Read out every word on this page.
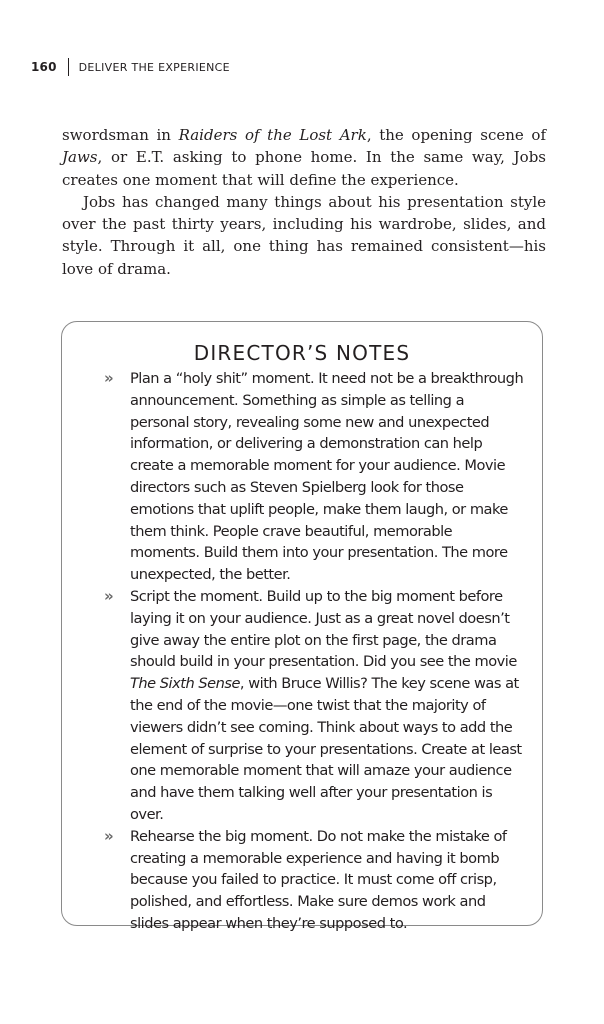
160 DELIVER THE EXPERIENCE

swordsman in Raiders of the Lost Ark, the opening scene of Jaws, or E.T. asking to phone home. In the same way, Jobs creates one moment that will define the experience.

Jobs has changed many things about his presentation style over the past thirty years, including his wardrobe, slides, and style. Through it all, one thing has remained consistent—his love of drama.

DIRECTOR’S NOTES
» Plan a “holy shit” moment. It need not be a breakthrough announcement. Something as simple as telling a personal story, revealing some new and unexpected information, or delivering a demonstration can help create a memorable moment for your audience. Movie directors such as Steven Spielberg look for those emotions that uplift people, make them laugh, or make them think. People crave beautiful, memorable moments. Build them into your presentation. The more unexpected, the better.
» Script the moment. Build up to the big moment before laying it on your audience. Just as a great novel doesn’t give away the entire plot on the first page, the drama should build in your presentation. Did you see the movie The Sixth Sense, with Bruce Willis? The key scene was at the end of the movie—one twist that the majority of viewers didn’t see coming. Think about ways to add the element of surprise to your presentations. Create at least one memorable moment that will amaze your audience and have them talking well after your presentation is over.
» Rehearse the big moment. Do not make the mistake of creating a memorable experience and having it bomb because you failed to practice. It must come off crisp, polished, and effortless. Make sure demos work and slides appear when they’re supposed to.
